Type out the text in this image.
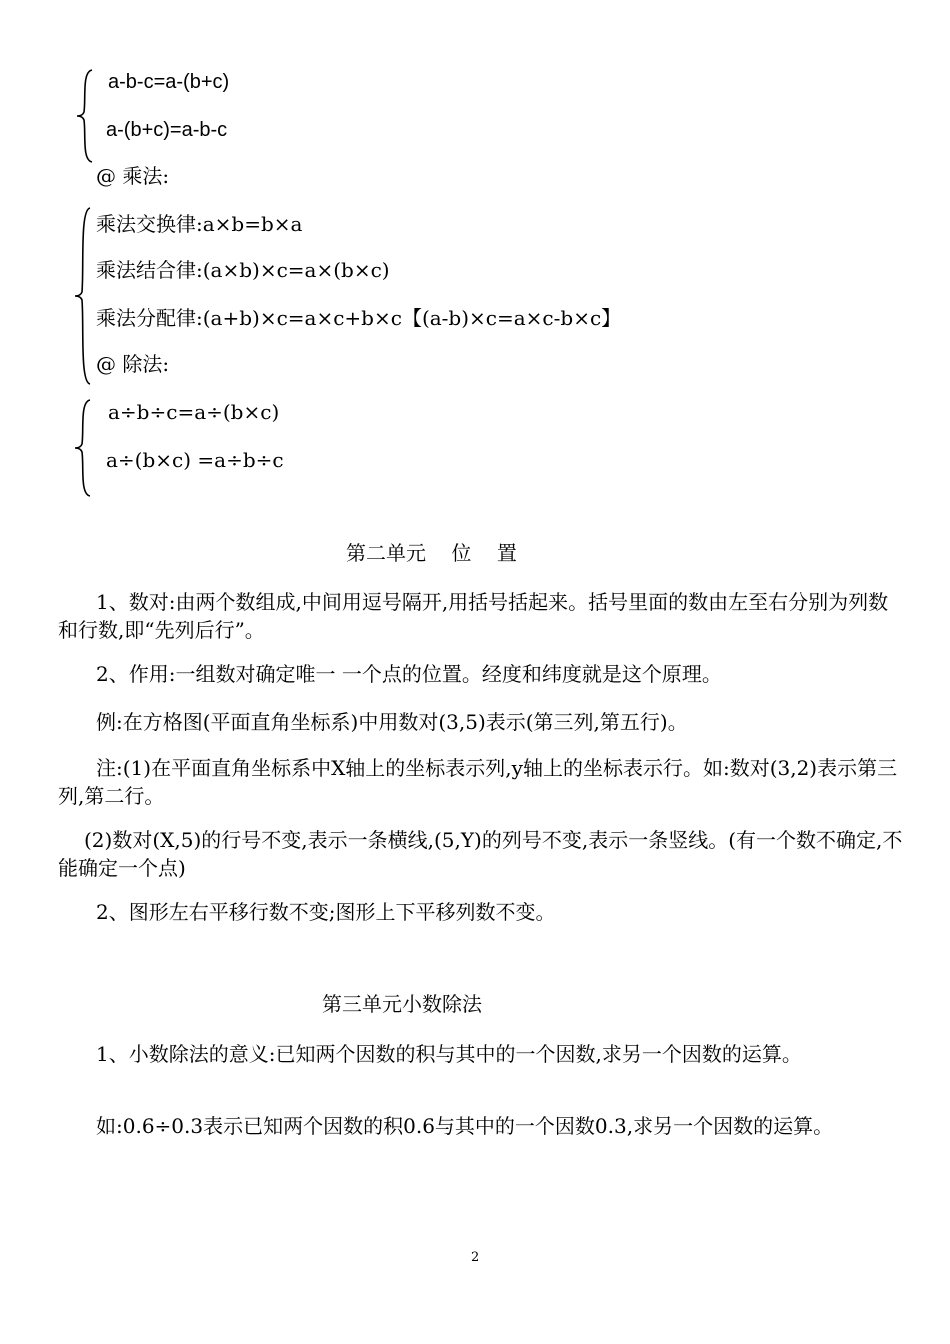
a-b-c=a-(b+c)
a-(b+c)=a-b-c
@ 乘法:
乘法交换律:a×b=b×a
乘法结合律:(a×b)×c=a×(b×c)
乘法分配律:(a+b)×c=a×c+b×c【(a-b)×c=a×c-b×c】
@ 除法:
a÷b÷c=a÷(b×c)
a÷(b×c) =a÷b÷c
第二单元    位    置
1、数对:由两个数组成,中间用逗号隔开,用括号括起来。括号里面的数由左至右分别为列数和行数,即“先列后行”。
2、作用:一组数对确定唯一 一个点的位置。经度和纬度就是这个原理。
例:在方格图(平面直角坐标系)中用数对(3,5)表示(第三列,第五行)。
注:(1)在平面直角坐标系中X轴上的坐标表示列,y轴上的坐标表示行。如:数对(3,2)表示第三列,第二行。
(2)数对(X,5)的行号不变,表示一条横线,(5,Y)的列号不变,表示一条竖线。(有一个数不确定,不能确定一个点)
2、图形左右平移行数不变;图形上下平移列数不变。
第三单元小数除法
1、小数除法的意义:已知两个因数的积与其中的一个因数,求另一个因数的运算。
如:0.6÷0.3表示已知两个因数的积0.6与其中的一个因数0.3,求另一个因数的运算。
2
